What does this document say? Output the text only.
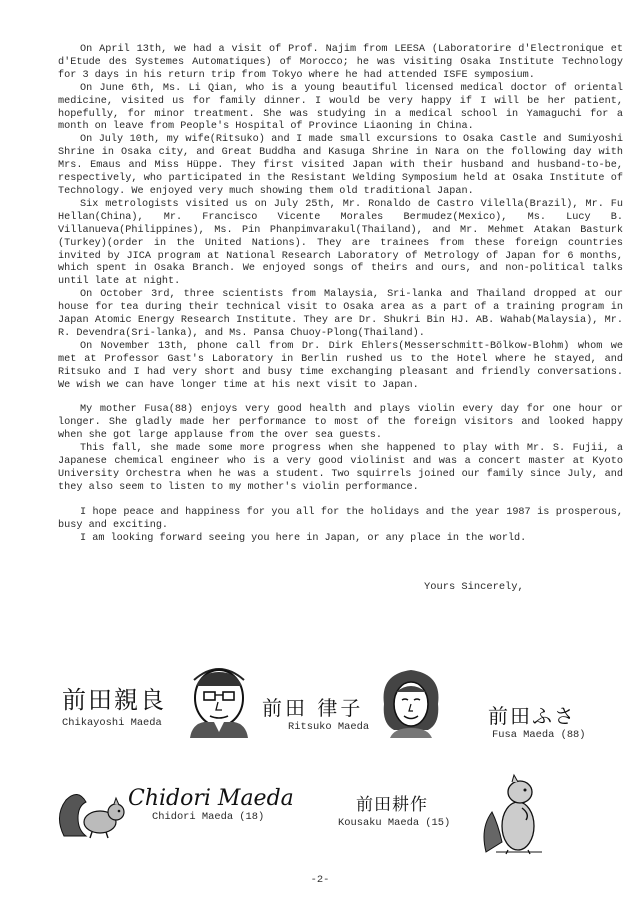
On April 13th, we had a visit of Prof. Najim from LEESA (Laboratorire d'Electronique et d'Etude des Systemes Automatiques) of Morocco; he was visiting Osaka Institute Technology for 3 days in his return trip from Tokyo where he had attended ISFE symposium.

On June 6th, Ms. Li Qian, who is a young beautiful licensed medical doctor of oriental medicine, visited us for family dinner. I would be very happy if I will be her patient, hopefully, for minor treatment. She was studying in a medical school in Yamaguchi for a month on leave from People's Hospital of Province Liaoning in China.

On July 10th, my wife(Ritsuko) and I made small excursions to Osaka Castle and Sumiyoshi Shrine in Osaka city, and Great Buddha and Kasuga Shrine in Nara on the following day with Mrs. Emaus and Miss Hüppe. They first visited Japan with their husband and husband-to-be, respectively, who participated in the Resistant Welding Symposium held at Osaka Institute of Technology. We enjoyed very much showing them old traditional Japan.

Six metrologists visited us on July 25th, Mr. Ronaldo de Castro Vilella(Brazil), Mr. Fu Hellan(China), Mr. Francisco Vicente Morales Bermudez(Mexico), Ms. Lucy B. Villanueva(Philippines), Ms. Pin Phanpimvarakul(Thailand), and Mr. Mehmet Atakan Basturk (Turkey)(order in the United Nations). They are trainees from these foreign countries invited by JICA program at National Research Laboratory of Metrology of Japan for 6 months, which spent in Osaka Branch. We enjoyed songs of theirs and ours, and non-political talks until late at night.

On October 3rd, three scientists from Malaysia, Sri-lanka and Thailand dropped at our house for tea during their technical visit to Osaka area as a part of a training program in Japan Atomic Energy Research Institute. They are Dr. Shukri Bin HJ. AB. Wahab(Malaysia), Mr. R. Devendra(Sri-lanka), and Ms. Pansa Chuoy-Plong(Thailand).

On November 13th, phone call from Dr. Dirk Ehlers(Messerschmitt-Bölkow-Blohm) whom we met at Professor Gast's Laboratory in Berlin rushed us to the Hotel where he stayed, and Ritsuko and I had very short and busy time exchanging pleasant and friendly conversations. We wish we can have longer time at his next visit to Japan.

My mother Fusa(88) enjoys very good health and plays violin every day for one hour or longer. She gladly made her performance to most of the foreign visitors and looked happy when she got large applause from the over sea guests.

This fall, she made some more progress when she happened to play with Mr. S. Fujii, a Japanese chemical engineer who is a very good violinist and was a concert master at Kyoto University Orchestra when he was a student. Two squirrels joined our family since July, and they also seem to listen to my mother's violin performance.

I hope peace and happiness for you all for the holidays and the year 1987 is prosperous, busy and exciting.

I am looking forward seeing you here in Japan, or any place in the world.

Yours Sincerely,
前田親良
Chikayoshi Maeda
前田 律子
Ritsuko Maeda	前田ふさ
Fusa Maeda (88)
Chidori Maeda
Chidori Maeda (18)
前田耕作
Kousaku Maeda (15)
-2-
